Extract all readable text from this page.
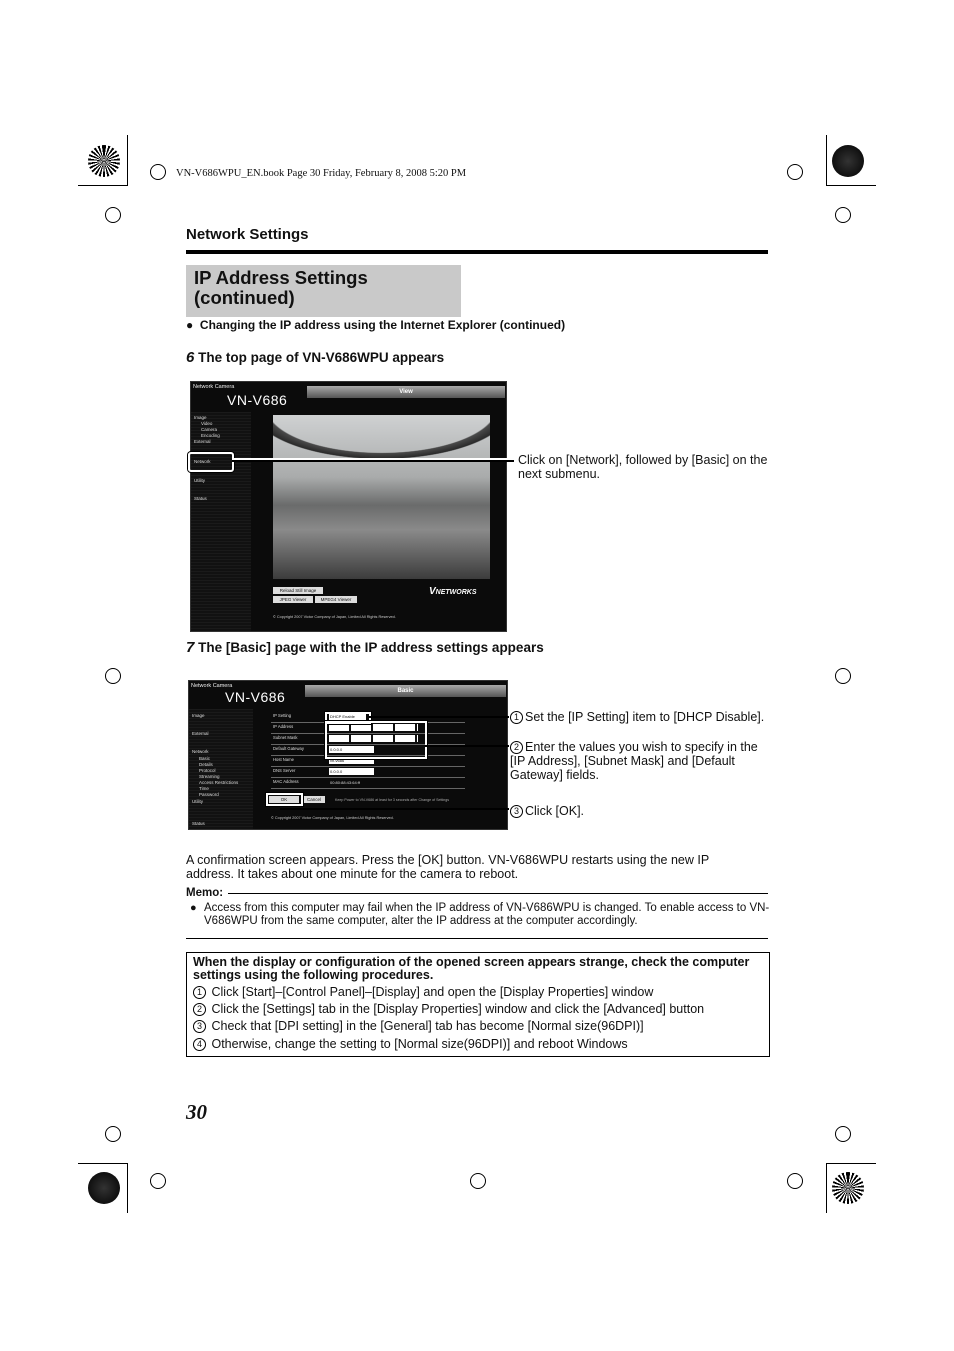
VN-V686WPU_EN.book Page 30 Friday, February 8, 2008 5:20 PM
Network Settings
IP Address Settings
(continued)
●  Changing the IP address using the Internet Explorer (continued)
6 The top page of VN-V686WPU appears
Network Camera
VN-V686	View
Image
Video
Camera
Encoding
External
Network
Utility
Status
Reload Still Image
JPEG Viewer	MPEG4 Viewer
VNETWORKS
© Copyright 2007 Victor Company of Japan, Limited All Rights Reserved.
Click on [Network], followed by [Basic] on the next submenu.
7 The [Basic] page with the IP address settings appears
Network Camera
VN-V686	Basic
Image
External
Network
Basic
Details
Protocol
Streaming
Access Restrictions
Time
Password
Utility
Status
IP Setting	DHCP Enable
IP Address
Subnet Mask
Default Gateway	0.0.0.0
Host Name	vn-v686
DNS Server	0.0.0.0
MAC Address	00:80:88:43:64:ff
OK	Cancel	Keep Power to VN-V686 at least for 3 seconds after Change of Settings
© Copyright 2007 Victor Company of Japan, Limited All Rights Reserved.
1 Set the [IP Setting] item to [DHCP Disable].
2 Enter the values you wish to specify in the [IP Address], [Subnet Mask] and [Default Gateway] fields.
3 Click [OK].
A confirmation screen appears. Press the [OK] button. VN-V686WPU restarts using the new IP address. It takes about one minute for the camera to reboot.
Memo:
● Access from this computer may fail when the IP address of VN-V686WPU is changed. To enable access to VN-V686WPU from the same computer, alter the IP address at the computer accordingly.
When the display or configuration of the opened screen appears strange, check the computer settings using the following procedures.
1 Click [Start]–[Control Panel]–[Display] and open the [Display Properties] window
2 Click the [Settings] tab in the [Display Properties] window and click the [Advanced] button
3 Check that [DPI setting] in the [General] tab has become [Normal size(96DPI)]
4 Otherwise, change the setting to [Normal size(96DPI)] and reboot Windows
30
